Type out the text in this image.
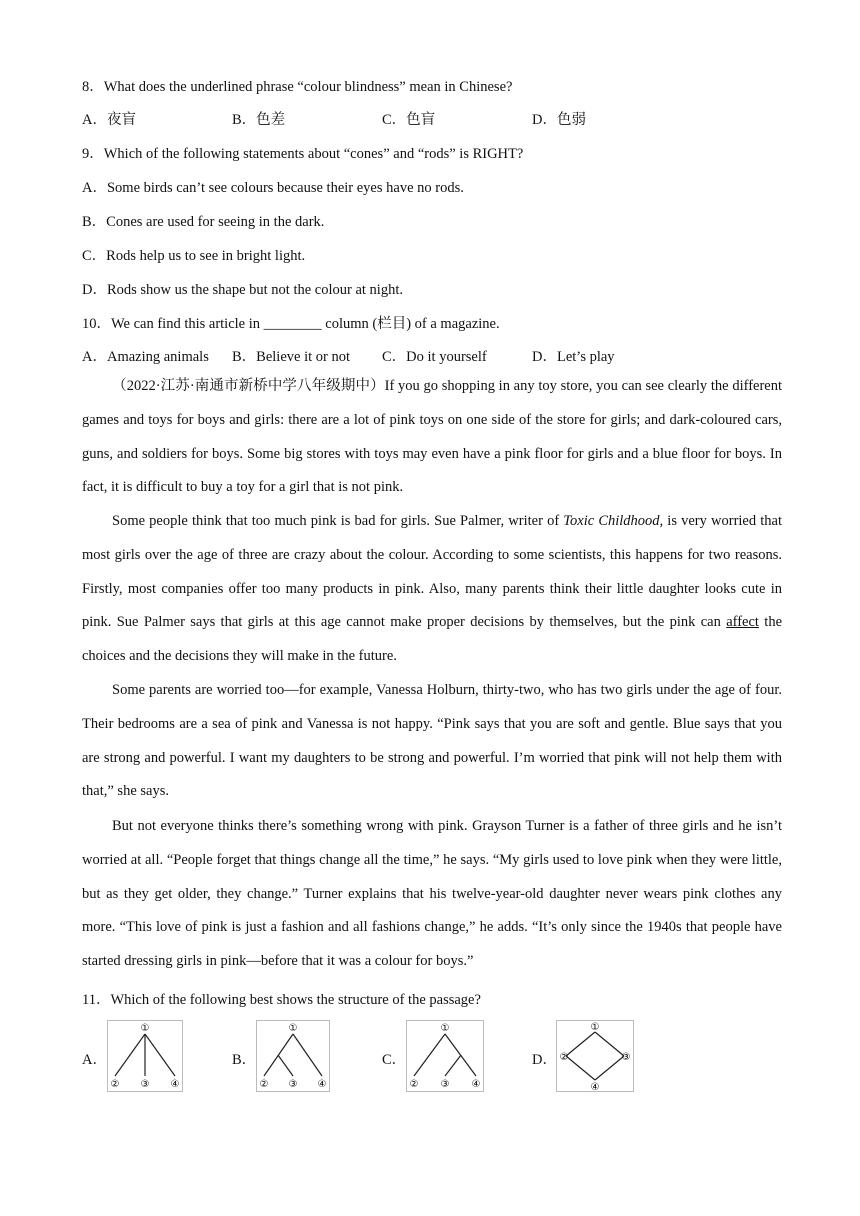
8．What does the underlined phrase “colour blindness” mean in Chinese?
A．夜盲	B．色差	C．色盲	D．色弱
9．Which of the following statements about “cones” and “rods” is RIGHT?
A．Some birds can’t see colours because their eyes have no rods.
B．Cones are used for seeing in the dark.
C．Rods help us to see in bright light.
D．Rods show us the shape but not the colour at night.
10．We can find this article in ________ column (栏目) of a magazine.
A．Amazing animals B．Believe it or not C．Do it yourself	D．Let’s play
（2022·江苏·南通市新桥中学八年级期中）If you go shopping in any toy store, you can see clearly the different games and toys for boys and girls: there are a lot of pink toys on one side of the store for girls; and dark-coloured cars, guns, and soldiers for boys. Some big stores with toys may even have a pink floor for girls and a blue floor for boys. In fact, it is difficult to buy a toy for a girl that is not pink.
Some people think that too much pink is bad for girls. Sue Palmer, writer of Toxic Childhood, is very worried that most girls over the age of three are crazy about the colour. According to some scientists, this happens for two reasons. Firstly, most companies offer too many products in pink. Also, many parents think their little daughter looks cute in pink. Sue Palmer says that girls at this age cannot make proper decisions by themselves, but the pink can affect the choices and the decisions they will make in the future.
Some parents are worried too—for example, Vanessa Holburn, thirty-two, who has two girls under the age of four. Their bedrooms are a sea of pink and Vanessa is not happy. “Pink says that you are soft and gentle. Blue says that you are strong and powerful. I want my daughters to be strong and powerful. I’m worried that pink will not help them with that,” she says.
But not everyone thinks there’s something wrong with pink. Grayson Turner is a father of three girls and he isn’t worried at all. “People forget that things change all the time,” he says. “My girls used to love pink when they were little, but as they get older, they change.” Turner explains that his twelve-year-old daughter never wears pink clothes any more. “This love of pink is just a fashion and all fashions change,” he adds. “It’s only since the 1940s that people have started dressing girls in pink—before that it was a colour for boys.”
11．Which of the following best shows the structure of the passage?
A．
①
② ③ ④
B．
①
② ③ ④
C．
①
② ③ ④
D．
①
②	③
④
